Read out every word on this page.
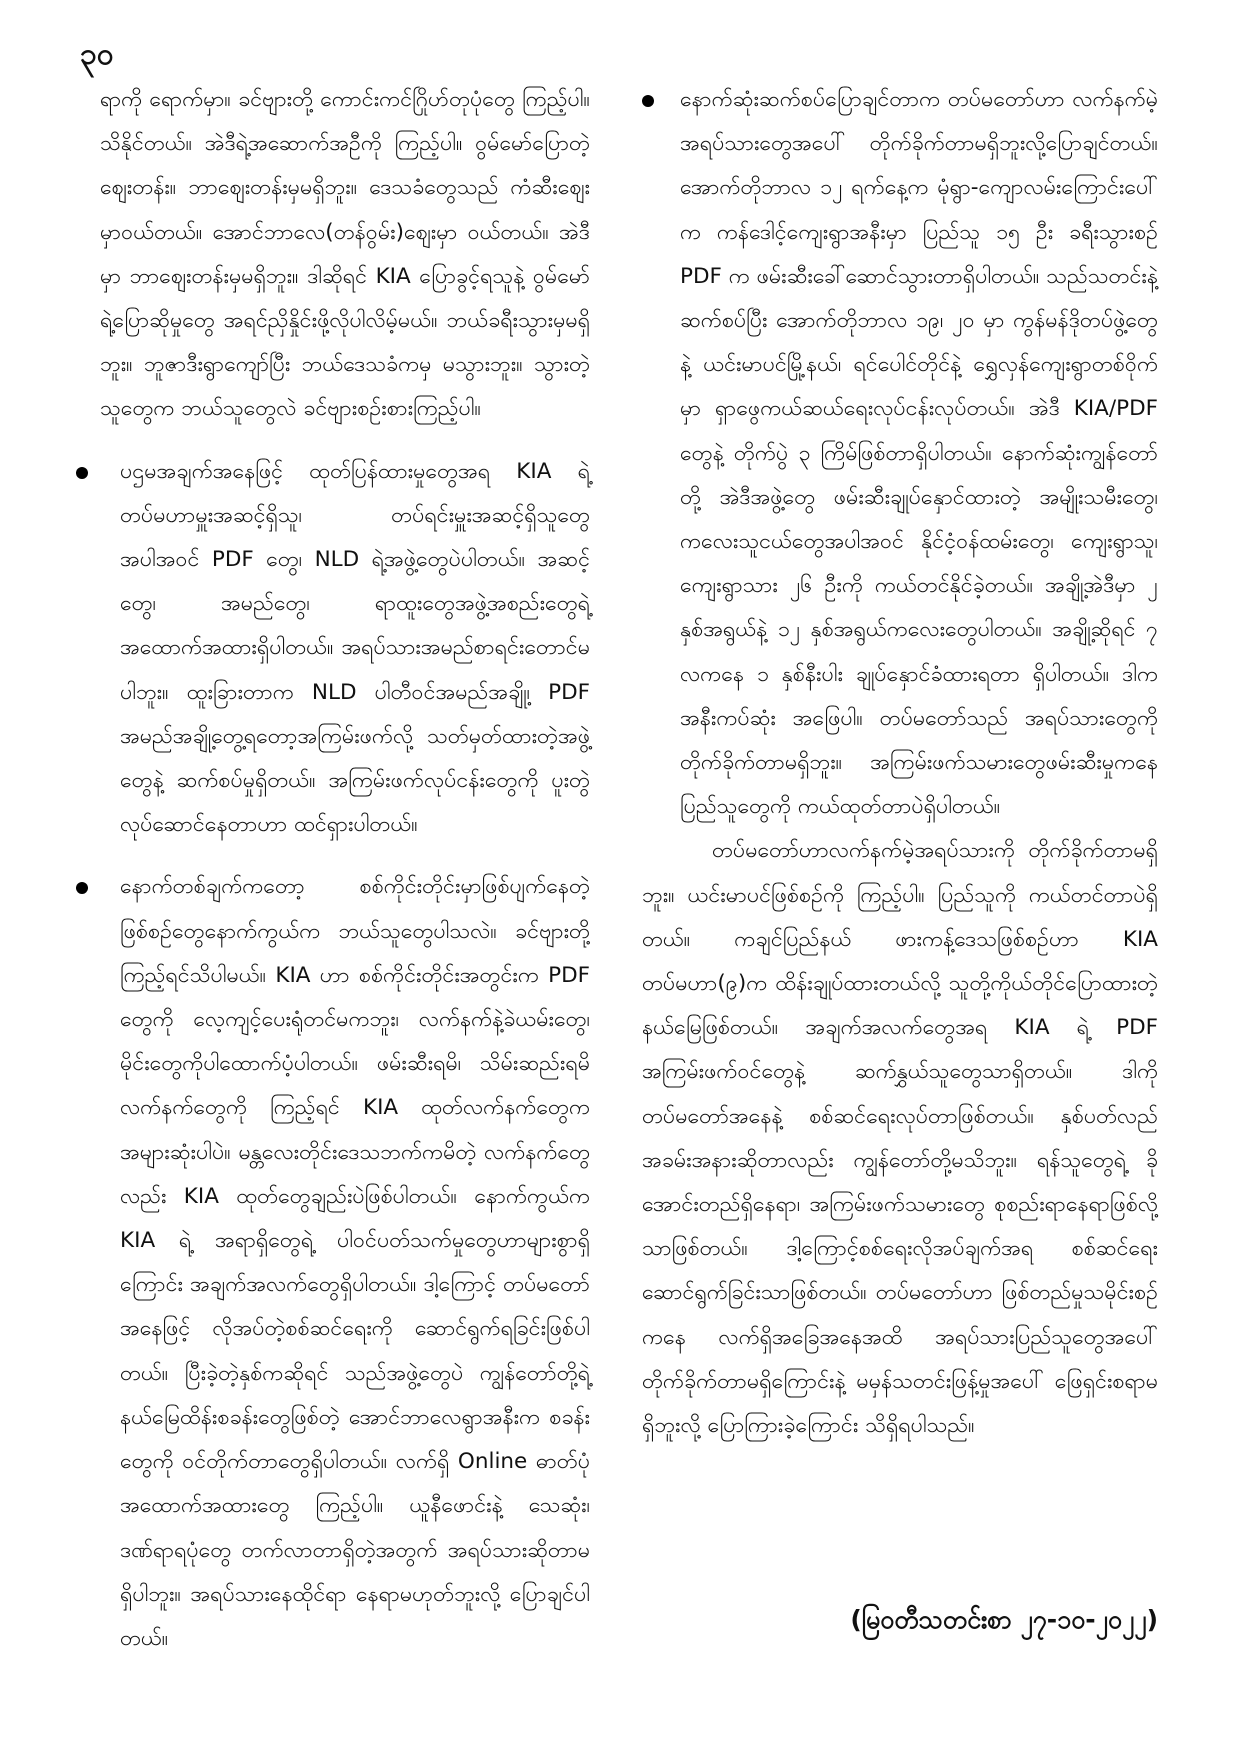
၃၀

ရာကို ရောက်မှာ။ ခင်ဗျားတို့ ကောင်းကင်ဂြိုဟ်တုပုံတွေ ကြည့်ပါ။ သိနိုင်တယ်။ အဲဒီရဲ့အဆောက်အဦကို ကြည့်ပါ။ ဝွမ်မော်ပြောတဲ့ဈေးတန်း။ ဘာဈေးတန်းမှမရှိဘူး။ ဒေသခံတွေသည် ကံဆီးဈေးမှာဝယ်တယ်။ အောင်ဘာလေ(တန်ဝွမ်း)ဈေးမှာ ဝယ်တယ်။ အဲဒီမှာ ဘာဈေးတန်းမှမရှိဘူး။ ဒါဆိုရင် KIA ပြောခွင့်ရသူနဲ့ ဝွမ်မော်ရဲ့ပြောဆိုမှုတွေ အရင်ညှိနှိုင်းဖို့လိုပါလိမ့်မယ်။ ဘယ်ခရီးသွားမှမရှိဘူး။ ဘူဇာဒီးရွာကျော်ပြီး ဘယ်ဒေသခံကမှ မသွားဘူး။ သွားတဲ့သူတွေက ဘယ်သူတွေလဲ ခင်ဗျားစဉ်းစားကြည့်ပါ။

ပဌမအချက်အနေဖြင့် ထုတ်ပြန်ထားမှုတွေအရ KIA ရဲ့တပ်မဟာမှူးအဆင့်ရှိသူ၊ တပ်ရင်းမှူးအဆင့်ရှိသူတွေ အပါအဝင် PDF တွေ၊ NLD ရဲ့အဖွဲ့တွေပဲပါတယ်။ အဆင့်တွေ၊ အမည်တွေ၊ ရာထူးတွေအဖွဲ့အစည်းတွေရဲ့ အထောက်အထားရှိပါတယ်။ အရပ်သားအမည်စာရင်းတောင်မပါဘူး။ ထူးခြားတာက NLD ပါတီဝင်အမည်အချို့၊ PDF အမည်အချို့တွေ့ရတော့အကြမ်းဖက်လို့ သတ်မှတ်ထားတဲ့အဖွဲ့တွေနဲ့ ဆက်စပ်မှုရှိတယ်။ အကြမ်းဖက်လုပ်ငန်းတွေကို ပူးတွဲလုပ်ဆောင်နေတာဟာ ထင်ရှားပါတယ်။
နောက်တစ်ချက်ကတော့ စစ်ကိုင်းတိုင်းမှာဖြစ်ပျက်နေတဲ့ဖြစ်စဉ်တွေနောက်ကွယ်က ဘယ်သူတွေပါသလဲ။ ခင်ဗျားတို့ ကြည့်ရင်သိပါမယ်။ KIA ဟာ စစ်ကိုင်းတိုင်းအတွင်းက PDF တွေကို လေ့ကျင့်ပေးရုံတင်မကဘူး၊ လက်နက်နဲ့ခဲယမ်းတွေ၊ မိုင်းတွေကိုပါထောက်ပံ့ပါတယ်။ ဖမ်းဆီးရမိ၊ သိမ်းဆည်းရမိ လက်နက်တွေကို ကြည့်ရင် KIA ထုတ်လက်နက်တွေက အများဆုံးပါပဲ။ မန္တလေးတိုင်းဒေသဘက်ကမိတဲ့ လက်နက်တွေလည်း KIA ထုတ်တွေချည်းပဲဖြစ်ပါတယ်။ နောက်ကွယ်က KIA ရဲ့ အရာရှိတွေရဲ့ ပါဝင်ပတ်သက်မှုတွေဟာများစွာရှိကြောင်း အချက်အလက်တွေရှိပါတယ်။ ဒါ့ကြောင့် တပ်မတော်အနေဖြင့် လိုအပ်တဲ့စစ်ဆင်ရေးကို ဆောင်ရွက်ရခြင်းဖြစ်ပါတယ်။ ပြီးခဲ့တဲ့နှစ်ကဆိုရင် သည်အဖွဲ့တွေပဲ ကျွန်တော်တို့ရဲ့ နယ်မြေထိန်းစခန်းတွေဖြစ်တဲ့ အောင်ဘာလေရွာအနီးက စခန်းတွေကို ဝင်တိုက်တာတွေရှိပါတယ်။ လက်ရှိ Online ဓာတ်ပုံအထောက်အထားတွေ ကြည့်ပါ။ ယူနီဖောင်းနဲ့ သေဆုံး၊ ဒဏ်ရာရပုံတွေ တက်လာတာရှိတဲ့အတွက် အရပ်သားဆိုတာမရှိပါဘူး။ အရပ်သားနေထိုင်ရာ နေရာမဟုတ်ဘူးလို့ ပြောချင်ပါတယ်။
နောက်ဆုံးဆက်စပ်ပြောချင်တာက တပ်မတော်ဟာ လက်နက်မဲ့အရပ်သားတွေအပေါ် တိုက်ခိုက်တာမရှိဘူးလို့ပြောချင်တယ်။ အောက်တိုဘာလ ၁၂ ရက်နေ့က မုံရွာ-ကျောလမ်းကြောင်းပေါ်က ကန်ဒေါင့်ကျေးရွာအနီးမှာ ပြည်သူ ၁၅ ဦး ခရီးသွားစဉ် PDF က ဖမ်းဆီးခေါ်ဆောင်သွားတာရှိပါတယ်။ သည်သတင်းနဲ့ဆက်စပ်ပြီး အောက်တိုဘာလ ၁၉၊ ၂၀ မှာ ကွန်မန်ဒိုတပ်ဖွဲ့တွေနဲ့ ယင်းမာပင်မြို့နယ်၊ ရင်ပေါင်တိုင်နဲ့ ရွှေလှန်ကျေးရွာတစ်ဝိုက်မှာ ရှာဖွေကယ်ဆယ်ရေးလုပ်ငန်းလုပ်တယ်။ အဲဒီ KIA/PDF တွေနဲ့ တိုက်ပွဲ ၃ ကြိမ်ဖြစ်တာရှိပါတယ်။ နောက်ဆုံးကျွန်တော်တို့ အဲဒီအဖွဲ့တွေ ဖမ်းဆီးချုပ်နှောင်ထားတဲ့ အမျိုးသမီးတွေ၊ ကလေးသူငယ်တွေအပါအဝင် နိုင်ငံ့ဝန်ထမ်းတွေ၊ ကျေးရွာသူ၊ ကျေးရွာသား ၂၆ ဦးကို ကယ်တင်နိုင်ခဲ့တယ်။ အချို့အဲဒီမှာ ၂ နှစ်အရွယ်နဲ့ ၁၂ နှစ်အရွယ်ကလေးတွေပါတယ်။ အချို့ဆိုရင် ၇ လကနေ ၁ နှစ်နီးပါး ချုပ်နှောင်ခံထားရတာ ရှိပါတယ်။ ဒါက အနီးကပ်ဆုံး အဖြေပါ။ တပ်မတော်သည် အရပ်သားတွေကိုတိုက်ခိုက်တာမရှိဘူး။ အကြမ်းဖက်သမားတွေဖမ်းဆီးမှုကနေ ပြည်သူတွေကို ကယ်ထုတ်တာပဲရှိပါတယ်။

တပ်မတော်ဟာလက်နက်မဲ့အရပ်သားကို တိုက်ခိုက်တာမရှိဘူး။ ယင်းမာပင်ဖြစ်စဉ်ကို ကြည့်ပါ။ ပြည်သူကို ကယ်တင်တာပဲရှိတယ်။ ကချင်ပြည်နယ် ဖားကန့်ဒေသဖြစ်စဉ်ဟာ KIA တပ်မဟာ(၉)က ထိန်းချုပ်ထားတယ်လို့ သူတို့ကိုယ်တိုင်ပြောထားတဲ့နယ်မြေဖြစ်တယ်။ အချက်အလက်တွေအရ KIA ရဲ့ PDF အကြမ်းဖက်ဝင်တွေနဲ့ ဆက်နွှယ်သူတွေသာရှိတယ်။ ဒါကို တပ်မတော်အနေနဲ့ စစ်ဆင်ရေးလုပ်တာဖြစ်တယ်။ နှစ်ပတ်လည်အခမ်းအနားဆိုတာလည်း ကျွန်တော်တို့မသိဘူး။ ရန်သူတွေရဲ့ ခိုအောင်းတည်ရှိနေရာ၊ အကြမ်းဖက်သမားတွေ စုစည်းရာနေရာဖြစ်လို့သာဖြစ်တယ်။ ဒါ့ကြောင့်စစ်ရေးလိုအပ်ချက်အရ စစ်ဆင်ရေး ဆောင်ရွက်ခြင်းသာဖြစ်တယ်။ တပ်မတော်ဟာ ဖြစ်တည်မှုသမိုင်းစဉ်ကနေ လက်ရှိအခြေအနေအထိ အရပ်သားပြည်သူတွေအပေါ် တိုက်ခိုက်တာမရှိကြောင်းနဲ့ မမှန်သတင်းဖြန့်မှုအပေါ် ဖြေရှင်းစရာမရှိဘူးလို့ ပြောကြားခဲ့ကြောင်း သိရှိရပါသည်။

(မြဝတီသတင်းစာ ၂၇-၁၀-၂၀၂၂)
